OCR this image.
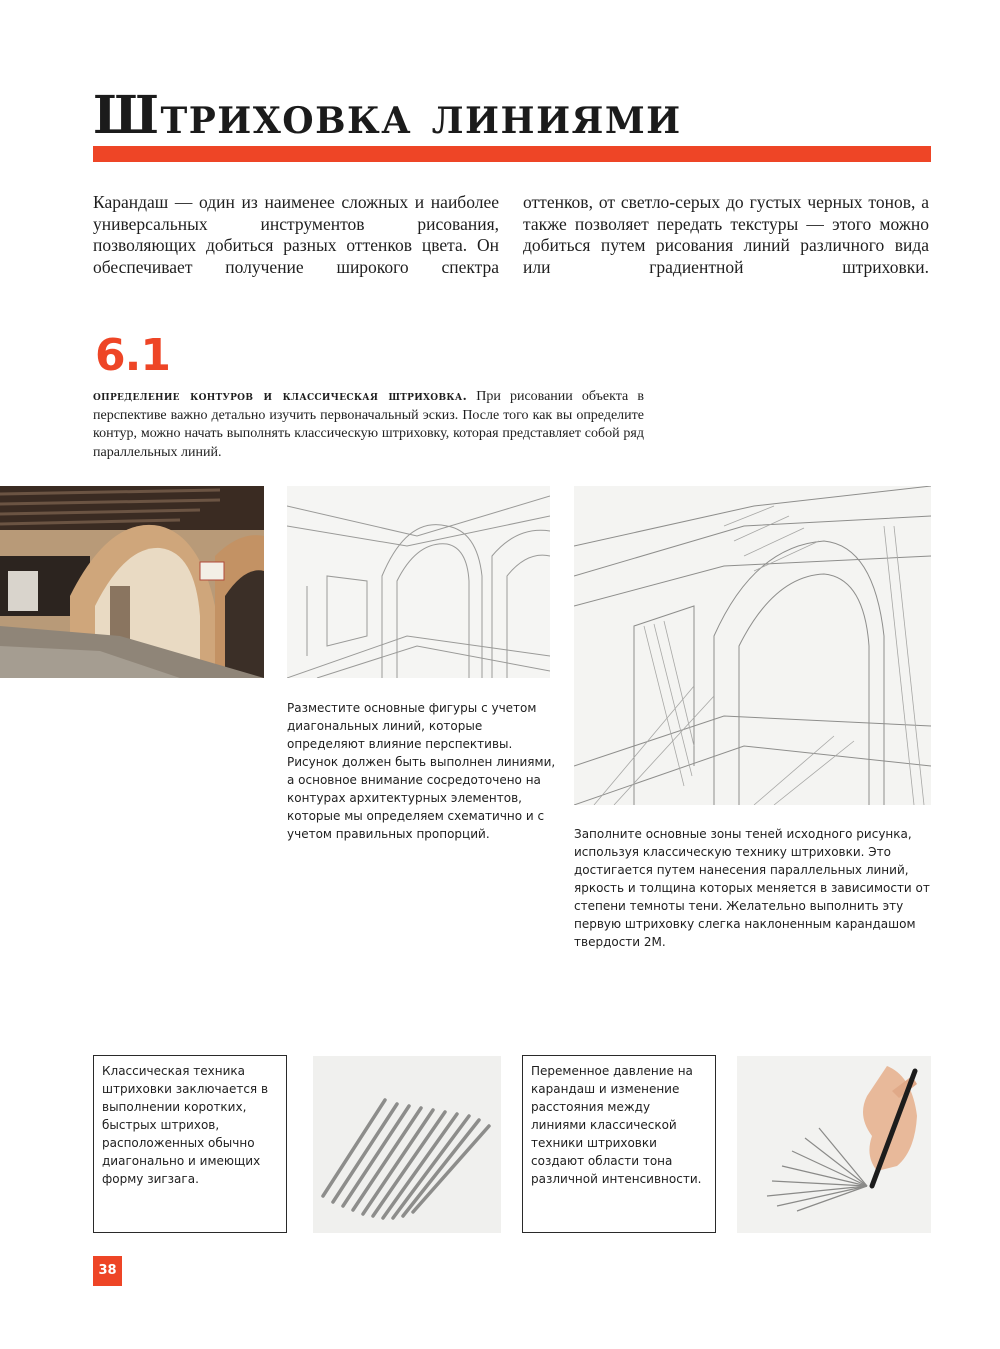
Штриховка линиями

Карандаш — один из наименее сложных и наиболее универсальных инструментов рисования, позволяющих добиться разных оттенков цвета. Он обеспечивает получение широкого спектра

оттенков, от светло-серых до густых черных тонов, а также позволяет передать текстуры — этого можно добиться путем рисования линий различного вида или градиентной штриховки.

6.1

определение контуров и классическая штриховка. При рисовании объекта в перспективе важно детально изучить первоначальный эскиз. После того как вы определите контур, можно начать выполнять классическую штриховку, которая представляет собой ряд параллельных линий.

Разместите основные фигуры с учетом диагональных линий, которые определяют влияние перспективы. Рисунок должен быть выполнен линиями, а основное внимание сосредоточено на контурах архитектурных элементов, которые мы определяем схематично и с учетом правильных пропорций.	Заполните основные зоны теней исходного рисунка, используя классическую технику штриховки. Это достигается путем нанесения параллельных линий, яркость и толщина которых меняется в зависимости от степени темноты тени. Желательно выполнить эту первую штриховку слегка наклоненным карандашом твердости 2М.

Классическая техника штриховки заключается в выполнении коротких, быстрых штрихов, расположенных обычно диагонально и имеющих форму зигзага.
Переменное давление на карандаш и изменение расстояния между линиями классической техники штриховки создают области тона различной интенсивности.
38
